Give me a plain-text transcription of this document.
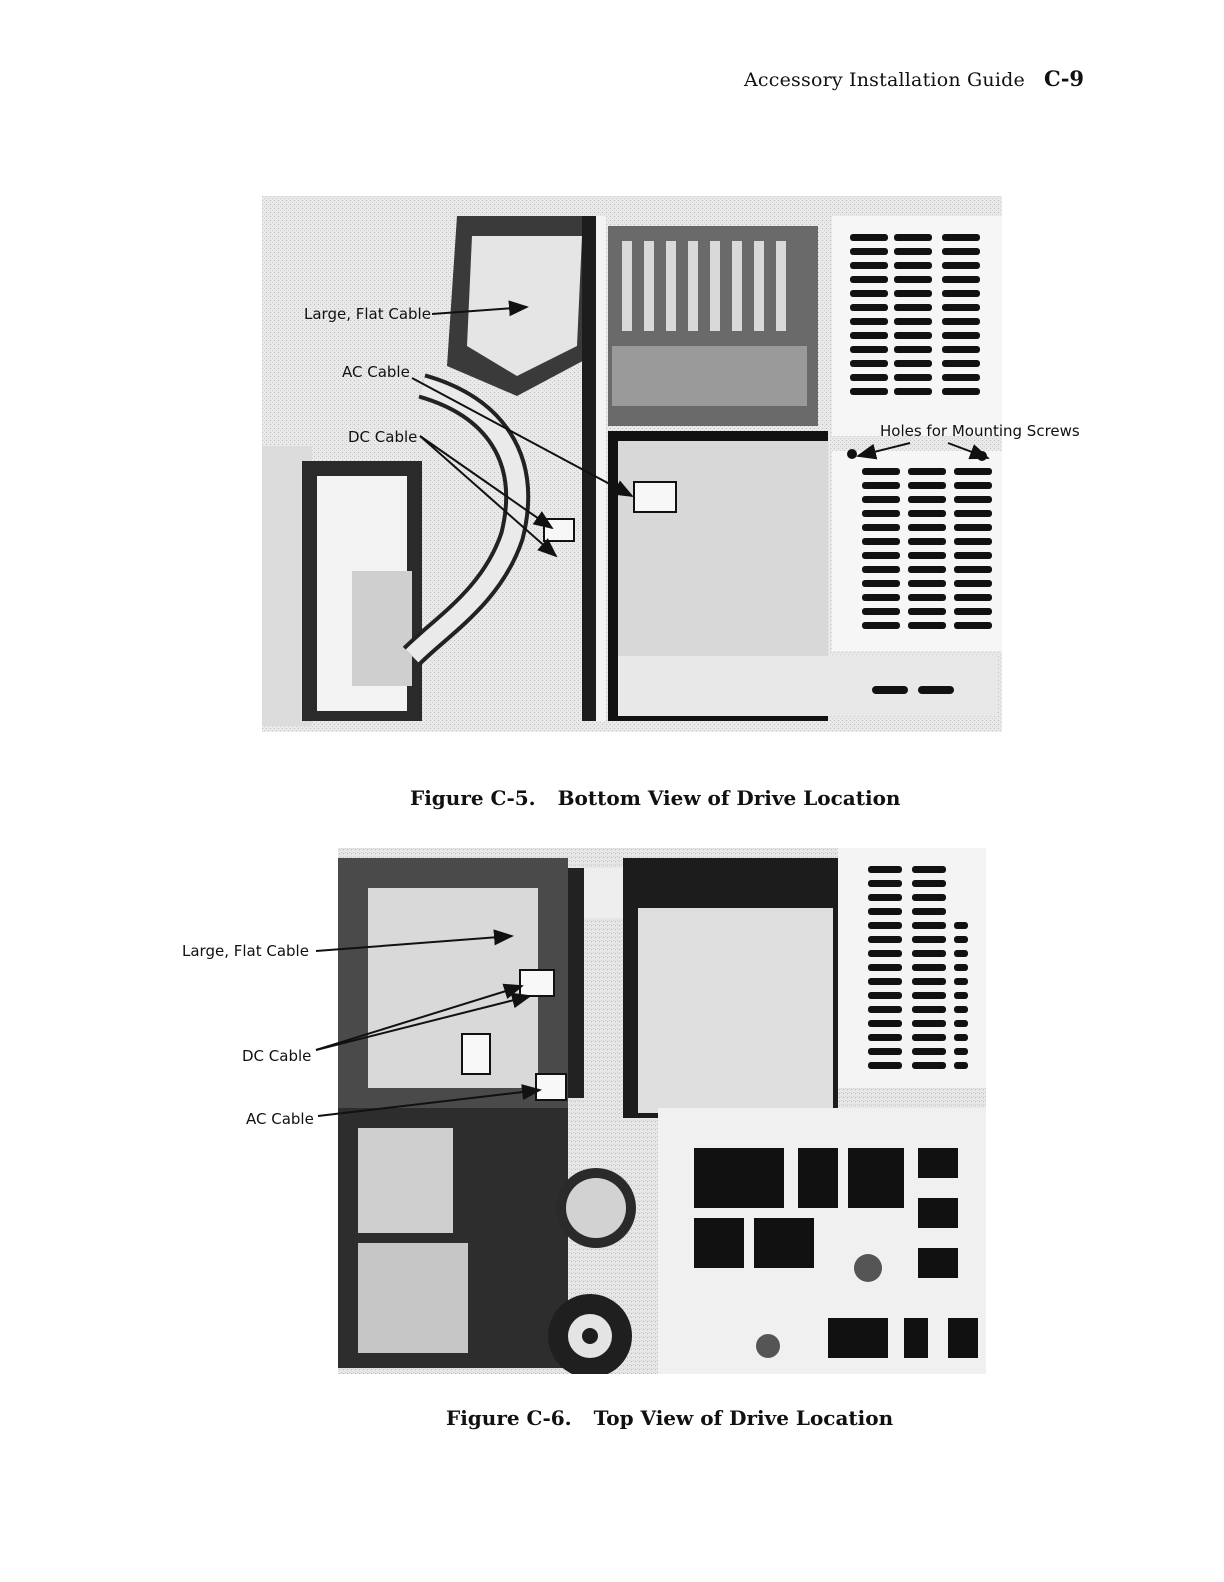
Accessory Installation Guide C-9
Large, Flat Cable
AC Cable
DC Cable	Holes for Mounting Screws
Figure C-5. Bottom View of Drive Location
Large, Flat Cable
DC Cable
AC Cable
Figure C-6. Top View of Drive Location
